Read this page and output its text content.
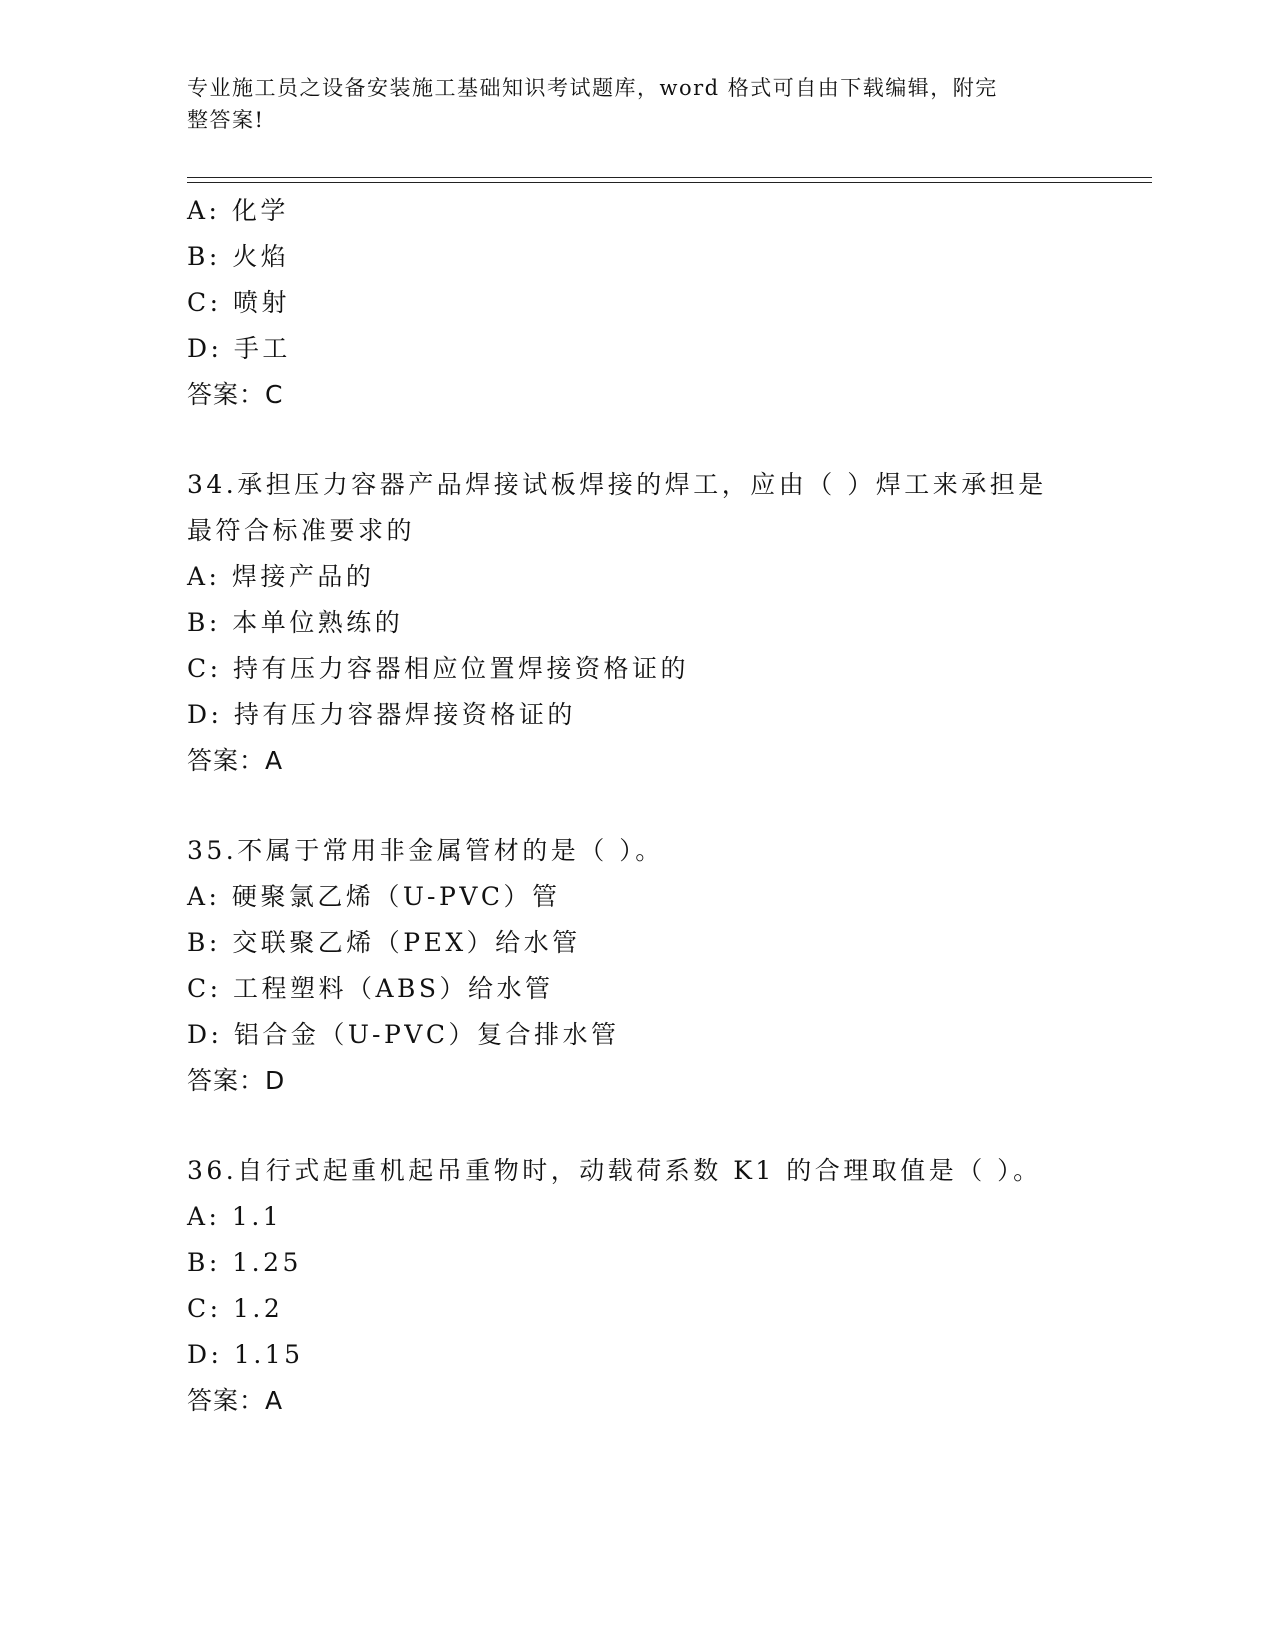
专业施工员之设备安装施工基础知识考试题库，word 格式可自由下载编辑，附完
整答案!
A: 化学
B: 火焰
C: 喷射
D: 手工
答案：C
34.承担压力容器产品焊接试板焊接的焊工，应由（ ）焊工来承担是
最符合标准要求的
A: 焊接产品的
B: 本单位熟练的
C: 持有压力容器相应位置焊接资格证的
D: 持有压力容器焊接资格证的
答案：A
35.不属于常用非金属管材的是（ ）。
A: 硬聚氯乙烯（U-PVC）管
B: 交联聚乙烯（PEX）给水管
C: 工程塑料（ABS）给水管
D: 铝合金（U-PVC）复合排水管
答案：D
36.自行式起重机起吊重物时，动载荷系数 K1 的合理取值是（ ）。
A: 1.1
B: 1.25
C: 1.2
D: 1.15
答案：A
